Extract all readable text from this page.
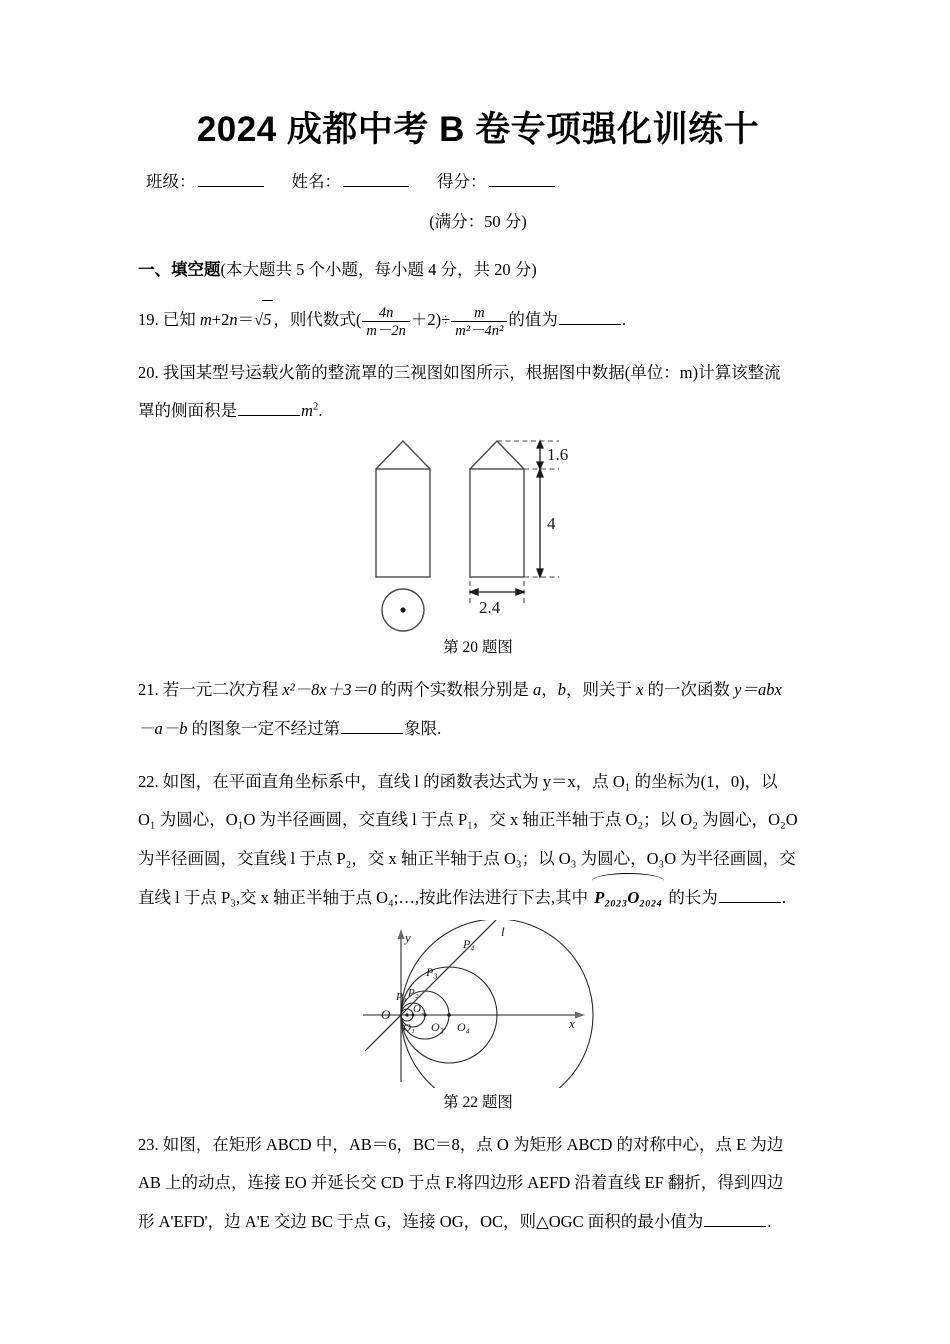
2024 成都中考 B 卷专项强化训练十
班级：	姓名：	得分：
(满分：50 分)
一、填空题(本大题共 5 个小题，每小题 4 分，共 20 分)
19. 已知 m+2n＝√5 ，则代数式( $\frac{4n}{m-2n} +2)\div \frac{m}{\text{m²－4n²}}$ 的值为	.
20. 我国某型号运载火箭的整流罩的三视图如图所示，根据图中数据(单位：m)计算该整流
罩的侧面积是	$m^2$.
1.6
4
2.4
第 20 题图
21. 若一元二次方程 x²－8x＋3＝0 的两个实数根分别是 a，b，则关于 x 的一次函数 y＝abx
－a－b 的图象一定不经过第	象限.
22. 如图，在平面直角坐标系中，直线 l 的函数表达式为 y＝x，点 O₁ 的坐标为(1，0)，以
O₁ 为圆心，O₁O 为半径画圆，交直线 l 于点 P₁，交 x 轴正半轴于点 O₂；以 O₂ 为圆心，O₂O
为半径画圆，交直线 l 于点 P₂，交 x 轴正半轴于点 O₃；以 O₃ 为圆心，O₃O 为半径画圆，交
直线 l 于点 P₃,交 x 轴正半轴于点 O₄;…,按此作法进行下去,其中
P₂₀₂₃O₂₀₂₄ 的长为	.
y
x
l
O
P₁ P₂
P₃
P₄
O₁
O₂
O₃ O₄
第 22 题图
23. 如图，在矩形 ABCD 中，AB＝6，BC＝8，点 O 为矩形 ABCD 的对称中心，点 E 为边
AB 上的动点，连接 EO 并延长交 CD 于点 F.将四边形 AEFD 沿着直线 EF 翻折，得到四边
形 A'EFD'，边 A'E 交边 BC 于点 G，连接 OG，OC，则△OGC 面积的最小值为	.
